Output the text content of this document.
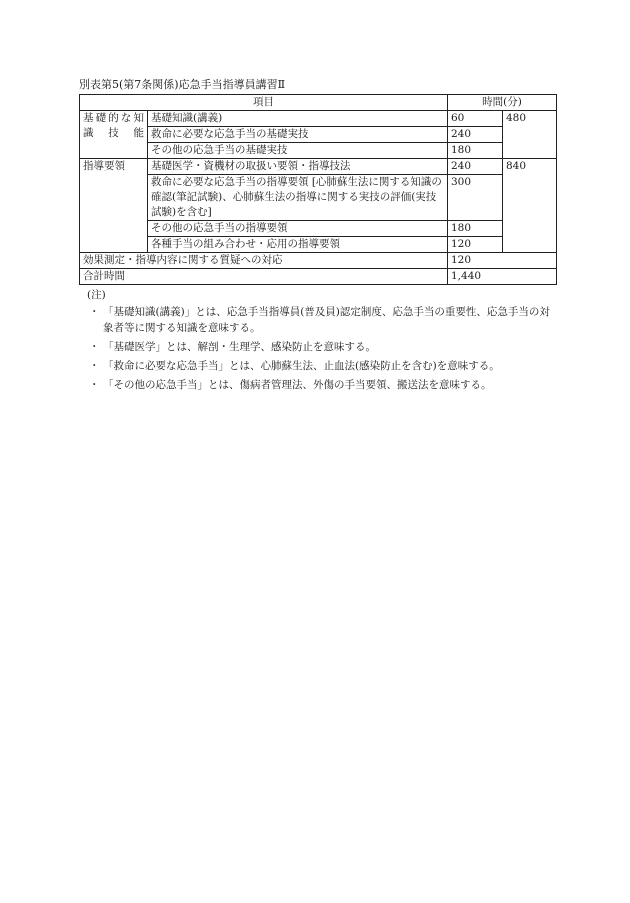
別表第5(第7条関係)応急手当指導員講習Ⅱ
項目		時間(分)	
基礎的な知識技能	基礎知識(講義)	60	480
	救命に必要な応急手当の基礎実技	240	
	その他の応急手当の基礎実技	180	
指導要領	基礎医学・資機材の取扱い要領・指導技法	240	840
	救命に必要な応急手当の指導要領 [心肺蘇生法に関する知識の確認(筆記試験)、心肺蘇生法の指導に関する実技の評価(実技試験)を含む]	300	
	その他の応急手当の指導要領	180	
	各種手当の組み合わせ・応用の指導要領	120	
効果測定・指導内容に関する質疑への対応		120	
合計時間		1,440	
(注)
・ 「基礎知識(講義)」とは、応急手当指導員(普及員)認定制度、応急手当の重要性、応急手当の対象者等に関する知識を意味する。
・ 「基礎医学」とは、解剖・生理学、感染防止を意味する。
・ 「救命に必要な応急手当」とは、心肺蘇生法、止血法(感染防止を含む)を意味する。
・ 「その他の応急手当」とは、傷病者管理法、外傷の手当要領、搬送法を意味する。
